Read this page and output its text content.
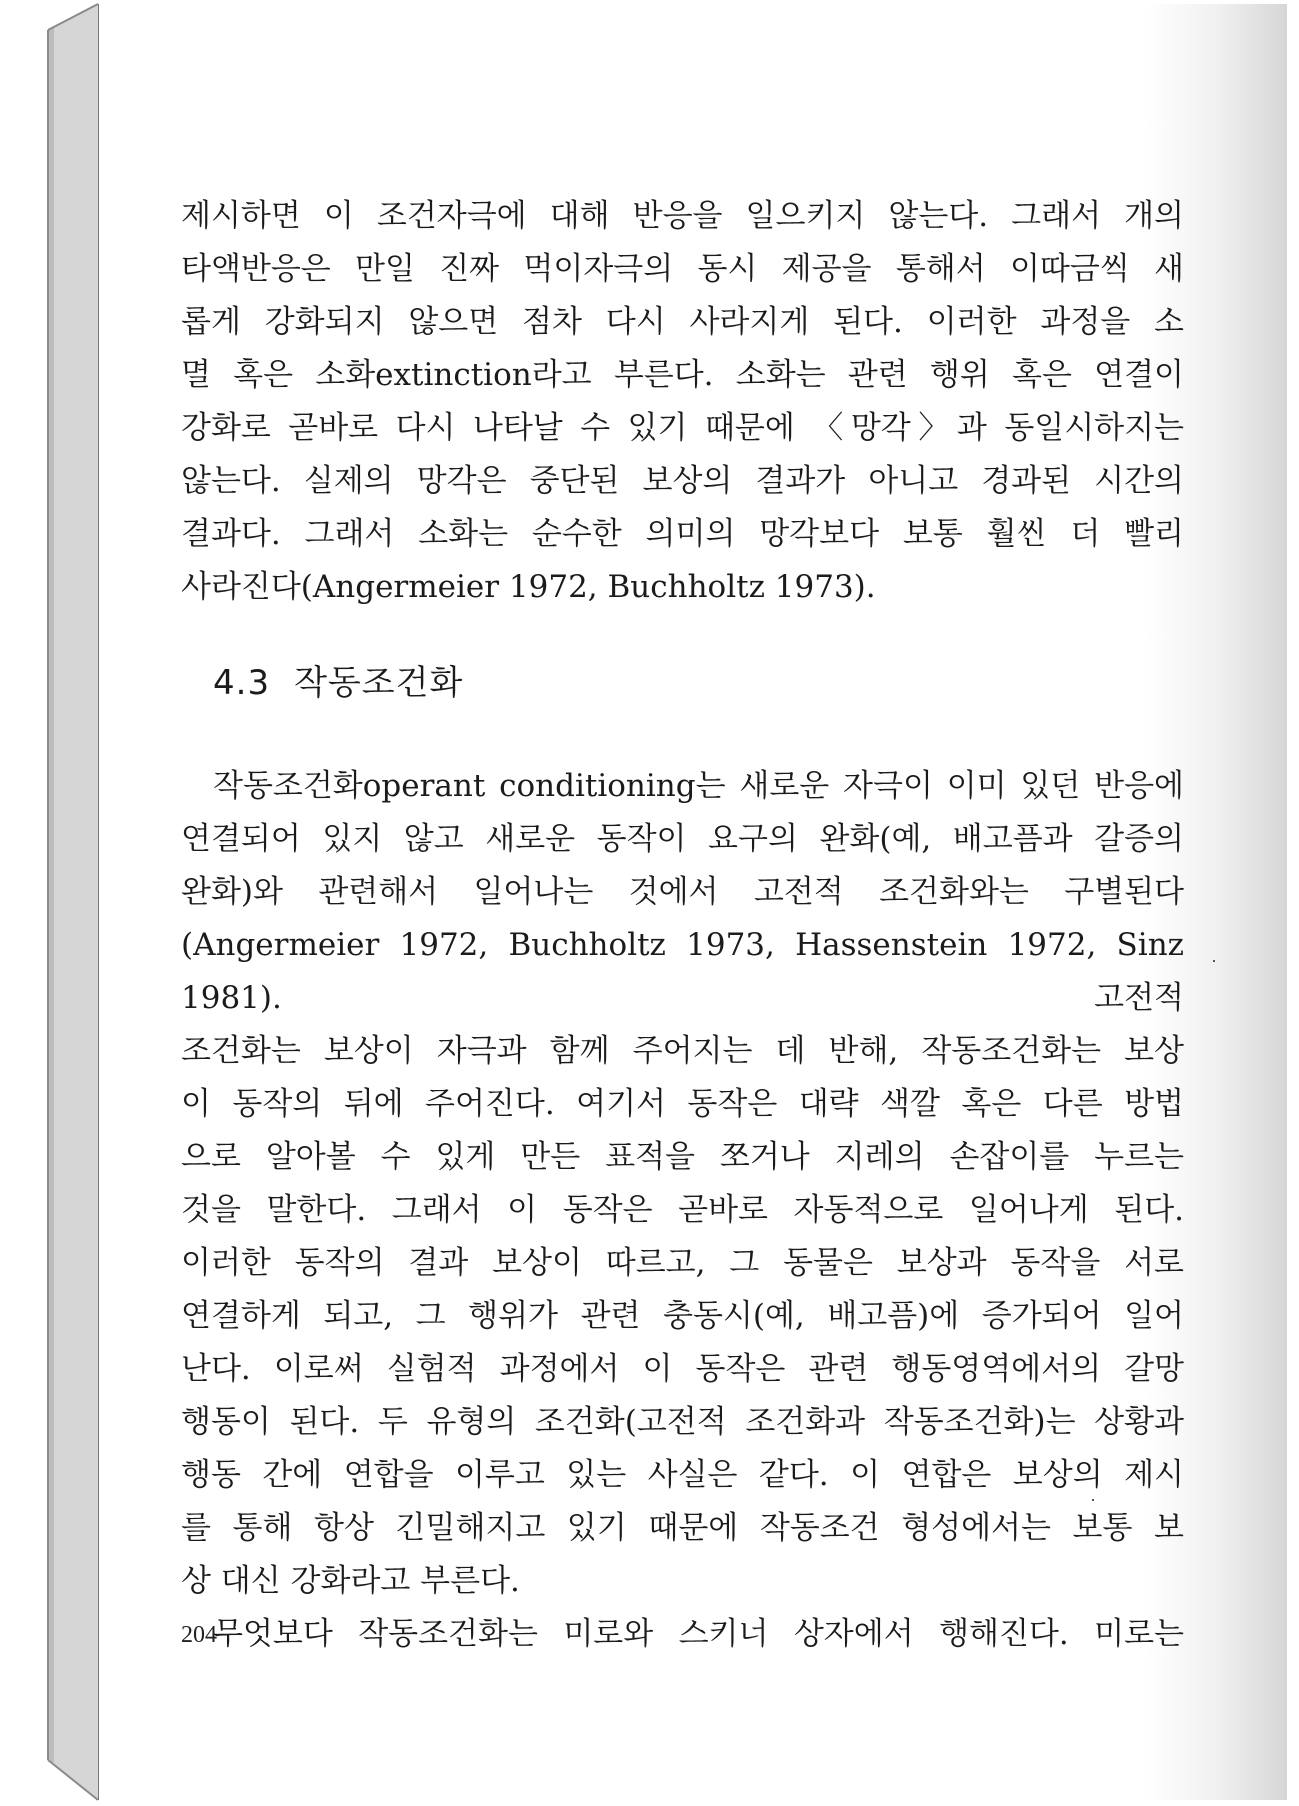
제시하면 이 조건자극에 대해 반응을 일으키지 않는다. 그래서 개의

타액반응은 만일 진짜 먹이자극의 동시 제공을 통해서 이따금씩 새

롭게 강화되지 않으면 점차 다시 사라지게 된다. 이러한 과정을 소

멸 혹은 소화extinction라고 부른다. 소화는 관련 행위 혹은 연결이

강화로 곧바로 다시 나타날 수 있기 때문에 〈망각〉과 동일시하지는

않는다. 실제의 망각은 중단된 보상의 결과가 아니고 경과된 시간의

결과다. 그래서 소화는 순수한 의미의 망각보다 보통 훨씬 더 빨리

사라진다(Angermeier 1972, Buchholtz 1973).

4.3 작동조건화

작동조건화operant conditioning는 새로운 자극이 이미 있던 반응에

연결되어 있지 않고 새로운 동작이 요구의 완화(예, 배고픔과 갈증의

완화)와 관련해서 일어나는 것에서 고전적 조건화와는 구별된다

(Angermeier 1972, Buchholtz 1973, Hassenstein 1972, Sinz 1981). 고전적

조건화는 보상이 자극과 함께 주어지는 데 반해, 작동조건화는 보상

이 동작의 뒤에 주어진다. 여기서 동작은 대략 색깔 혹은 다른 방법

으로 알아볼 수 있게 만든 표적을 쪼거나 지레의 손잡이를 누르는

것을 말한다. 그래서 이 동작은 곧바로 자동적으로 일어나게 된다.

이러한 동작의 결과 보상이 따르고, 그 동물은 보상과 동작을 서로

연결하게 되고, 그 행위가 관련 충동시(예, 배고픔)에 증가되어 일어

난다. 이로써 실험적 과정에서 이 동작은 관련 행동영역에서의 갈망

행동이 된다. 두 유형의 조건화(고전적 조건화과 작동조건화)는 상황과

행동 간에 연합을 이루고 있는 사실은 같다. 이 연합은 보상의 제시

를 통해 항상 긴밀해지고 있기 때문에 작동조건 형성에서는 보통 보

상 대신 강화라고 부른다.

무엇보다 작동조건화는 미로와 스키너 상자에서 행해진다. 미로는

204
